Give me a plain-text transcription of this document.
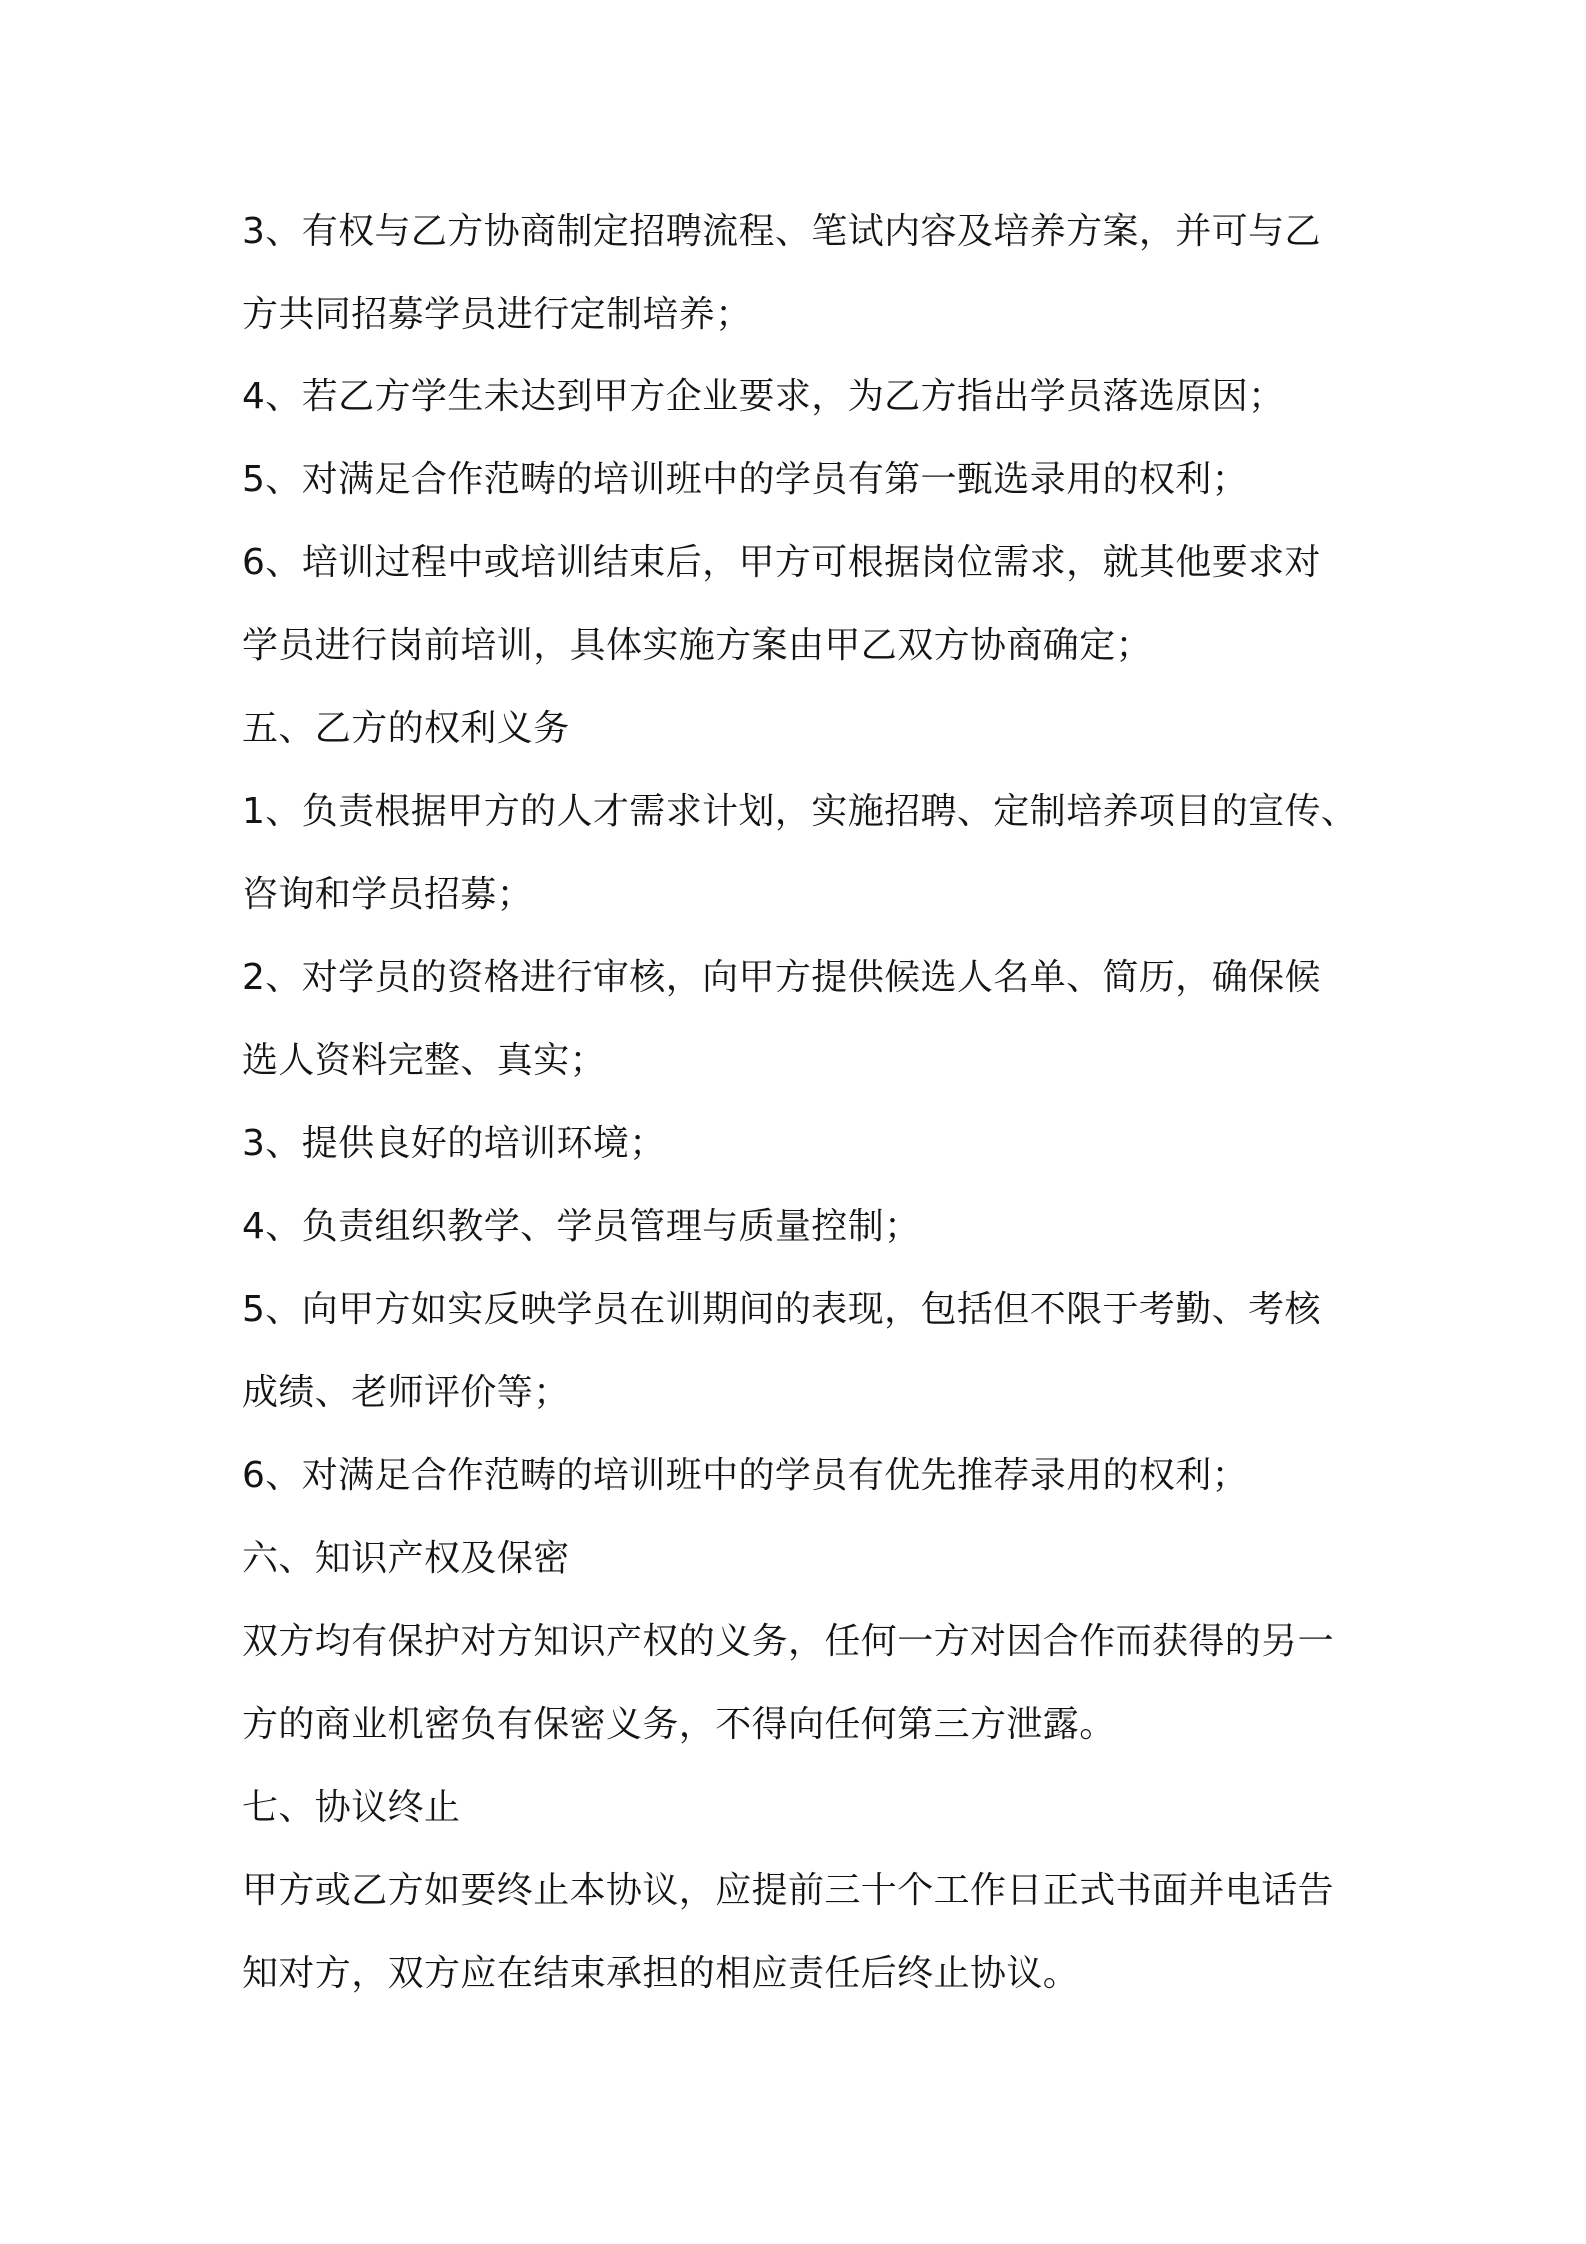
3、有权与乙方协商制定招聘流程、笔试内容及培养方案，并可与乙
方共同招募学员进行定制培养；
4、若乙方学生未达到甲方企业要求，为乙方指出学员落选原因；
5、对满足合作范畴的培训班中的学员有第一甄选录用的权利；
6、培训过程中或培训结束后，甲方可根据岗位需求，就其他要求对
学员进行岗前培训，具体实施方案由甲乙双方协商确定；
五、乙方的权利义务
1、负责根据甲方的人才需求计划，实施招聘、定制培养项目的宣传、
咨询和学员招募；
2、对学员的资格进行审核，向甲方提供候选人名单、简历，确保候
选人资料完整、真实；
3、提供良好的培训环境；
4、负责组织教学、学员管理与质量控制；
5、向甲方如实反映学员在训期间的表现，包括但不限于考勤、考核
成绩、老师评价等；
6、对满足合作范畴的培训班中的学员有优先推荐录用的权利；
六、知识产权及保密
双方均有保护对方知识产权的义务，任何一方对因合作而获得的另一
方的商业机密负有保密义务，不得向任何第三方泄露。
七、协议终止
甲方或乙方如要终止本协议，应提前三十个工作日正式书面并电话告
知对方，双方应在结束承担的相应责任后终止协议。
